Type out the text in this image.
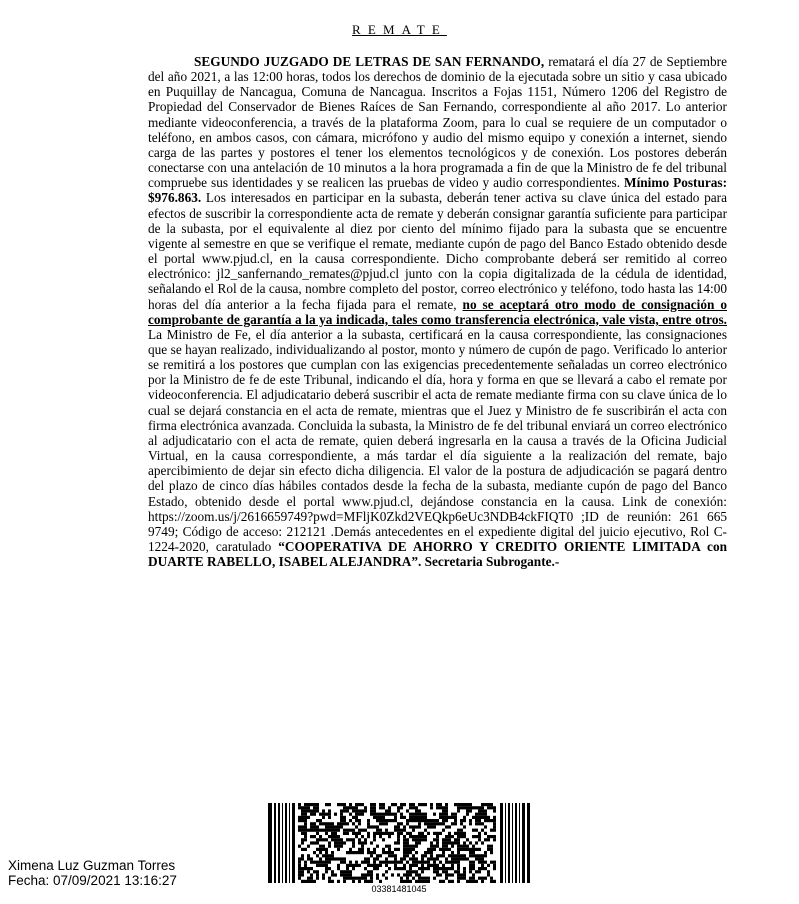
REMATE
SEGUNDO JUZGADO DE LETRAS DE SAN FERNANDO, rematará el día 27 de Septiembre del año 2021, a las 12:00 horas, todos los derechos de dominio de la ejecutada sobre un sitio y casa ubicado en Puquillay de Nancagua, Comuna de Nancagua. Inscritos a Fojas 1151, Número 1206 del Registro de Propiedad del Conservador de Bienes Raíces de San Fernando, correspondiente al año 2017. Lo anterior mediante videoconferencia, a través de la plataforma Zoom, para lo cual se requiere de un computador o teléfono, en ambos casos, con cámara, micrófono y audio del mismo equipo y conexión a internet, siendo carga de las partes y postores el tener los elementos tecnológicos y de conexión. Los postores deberán conectarse con una antelación de 10 minutos a la hora programada a fin de que la Ministro de fe del tribunal compruebe sus identidades y se realicen las pruebas de video y audio correspondientes. Mínimo Posturas: $976.863. Los interesados en participar en la subasta, deberán tener activa su clave única del estado para efectos de suscribir la correspondiente acta de remate y deberán consignar garantía suficiente para participar de la subasta, por el equivalente al diez por ciento del mínimo fijado para la subasta que se encuentre vigente al semestre en que se verifique el remate, mediante cupón de pago del Banco Estado obtenido desde el portal www.pjud.cl, en la causa correspondiente. Dicho comprobante deberá ser remitido al correo electrónico: jl2_sanfernando_remates@pjud.cl junto con la copia digitalizada de la cédula de identidad, señalando el Rol de la causa, nombre completo del postor, correo electrónico y teléfono, todo hasta las 14:00 horas del día anterior a la fecha fijada para el remate, no se aceptará otro modo de consignación o comprobante de garantía a la ya indicada, tales como transferencia electrónica, vale vista, entre otros. La Ministro de Fe, el día anterior a la subasta, certificará en la causa correspondiente, las consignaciones que se hayan realizado, individualizando al postor, monto y número de cupón de pago. Verificado lo anterior se remitirá a los postores que cumplan con las exigencias precedentemente señaladas un correo electrónico por la Ministro de fe de este Tribunal, indicando el día, hora y forma en que se llevará a cabo el remate por videoconferencia. El adjudicatario deberá suscribir el acta de remate mediante firma con su clave única de lo cual se dejará constancia en el acta de remate, mientras que el Juez y Ministro de fe suscribirán el acta con firma electrónica avanzada. Concluida la subasta, la Ministro de fe del tribunal enviará un correo electrónico al adjudicatario con el acta de remate, quien deberá ingresarla en la causa a través de la Oficina Judicial Virtual, en la causa correspondiente, a más tardar el día siguiente a la realización del remate, bajo apercibimiento de dejar sin efecto dicha diligencia. El valor de la postura de adjudicación se pagará dentro del plazo de cinco días hábiles contados desde la fecha de la subasta, mediante cupón de pago del Banco Estado, obtenido desde el portal www.pjud.cl, dejándose constancia en la causa. Link de conexión: https://zoom.us/j/2616659749?pwd=MFljK0Zkd2VEQkp6eUc3NDB4ckFIQT0 ;ID de reunión: 261 665 9749; Código de acceso: 212121 .Demás antecedentes en el expediente digital del juicio ejecutivo, Rol C-1224-2020, caratulado “COOPERATIVA DE AHORRO Y CREDITO ORIENTE LIMITADA con DUARTE RABELLO, ISABEL ALEJANDRA”. Secretaria Subrogante.-
Ximena Luz Guzman Torres
Fecha: 07/09/2021 13:16:27
03381481045
